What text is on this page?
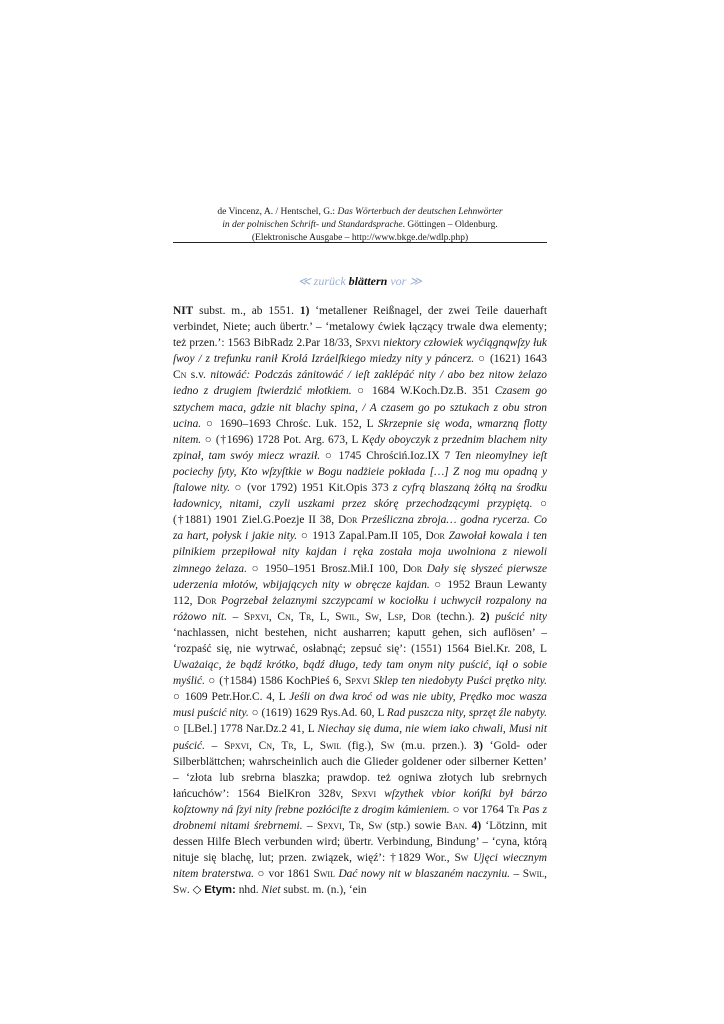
de Vincenz, A. / Hentschel, G.: Das Wörterbuch der deutschen Lehnwörter
in der polnischen Schrift- und Standardsprache. Göttingen – Oldenburg.
(Elektronische Ausgabe – http://www.bkge.de/wdlp.php)
≪ zurück blättern vor ≫
NIT subst. m., ab 1551. 1) ‘metallener Reißnagel, der zwei Teile dauerhaft verbindet, Niete; auch übertr.’ – ‘metalowy ćwiek łączący trwale dwa elementy; też przen.’: 1563 BibRadz 2.Par 18/33, Spxvi niektory człowiek wyćiągnąwſzy łuk ſwoy / z trefunku ranił Krolá Izráelſkiego miedzy nity y páncerz. ○ (1621) 1643 Cn s.v. nitowáć: Podczás zánitowáć / ieſt zaklépáć nity / abo bez nitow żelazo iedno z drugiem ſtwierdzić młotkiem. ○ 1684 W.Koch.Dz.B. 351 Czasem go sztychem maca, gdzie nit blachy spina, / A czasem go po sztukach z obu stron ucina. ○ 1690–1693 Chrośc. Luk. 152, L Skrzepnie się woda, wmarzną flotty nitem. ○ (†1696) 1728 Pot. Arg. 673, L Kędy oboyczyk z przednim blachem nity zpinał, tam swóy miecz wraził. ○ 1745 Chrościń.Ioz.IX 7 Ten nieomylney ieſt pociechy ſyty, Kto wſzyſtkie w Bogu nadżieie pokłada […] Z nog mu opadną y ſtalowe nity. ○ (vor 1792) 1951 Kit.Opis 373 z cyfrą blaszaną żółtą na środku ładownicy, nitami, czyli uszkami przez skórę przechodzącymi przypiętą. ○ (†1881) 1901 Ziel.G.Poezje II 38, Dor Prześliczna zbroja… godna rycerza. Co za hart, połysk i jakie nity. ○ 1913 Zapal.Pam.II 105, Dor Zawołał kowala i ten pilnikiem przepiłował nity kajdan i ręka została moja uwolniona z niewoli zimnego żelaza. ○ 1950–1951 Brosz.Mił.I 100, Dor Dały się słyszeć pierwsze uderzenia młotów, wbijających nity w obręcze kajdan. ○ 1952 Braun Lewanty 112, Dor Pogrzebał żelaznymi szczypcami w kociołku i uchwycił rozpalony na różowo nit. – Spxvi, Cn, Tr, L, Swil, Sw, Lsp, Dor (techn.). 2) puścić nity ‘nachlassen, nicht bestehen, nicht ausharren; kaputt gehen, sich auflösen’ – ‘rozpaść się, nie wytrwać, osłabnąć; zepsuć się’: (1551) 1564 Biel.Kr. 208, L Uważaiąc, że bądź krótko, bądź długo, tedy tam onym nity puścić, iął o sobie myślić. ○ (†1584) 1586 KochPieś 6, Spxvi Sklep ten niedobyty Puści prętko nity. ○ 1609 Petr.Hor.C. 4, L Jeśli on dwa kroć od was nie ubity, Prędko moc wasza musi puścić nity. ○ (1619) 1629 Rys.Ad. 60, L Rad puszcza nity, sprzęt źle nabyty. ○ [LBel.] 1778 Nar.Dz.2 41, L Niechay się duma, nie wiem iako chwali, Musi nit puścić. – Spxvi, Cn, Tr, L, Swil (fig.), Sw (m.u. przen.). 3) ‘Gold- oder Silberblättchen; wahrscheinlich auch die Glieder goldener oder silberner Ketten’ – ‘złota lub srebrna blaszka; prawdop. też ogniwa złotych lub srebrnych łańcuchów’: 1564 BielKron 328v, Spxvi wſzythek vbior końſki był bárzo koſztowny ná ſzyi nity ſrebne pozłóciſte z drogim kámieniem. ○ vor 1764 Tr Pas z drobnemi nitami śrebrnemi. – Spxvi, Tr, Sw (stp.) sowie Ban. 4) ‘Lötzinn, mit dessen Hilfe Blech verbunden wird; übertr. Verbindung, Bindung’ – ‘cyna, którą nituje się blachę, lut; przen. związek, więź’: †1829 Wor., Sw Ujęci wiecznym nitem braterstwa. ○ vor 1861 Swil Dać nowy nit w blaszaném naczyniu. – Swil, Sw. ◇ Etym: nhd. Niet subst. m. (n.), ‘ein
